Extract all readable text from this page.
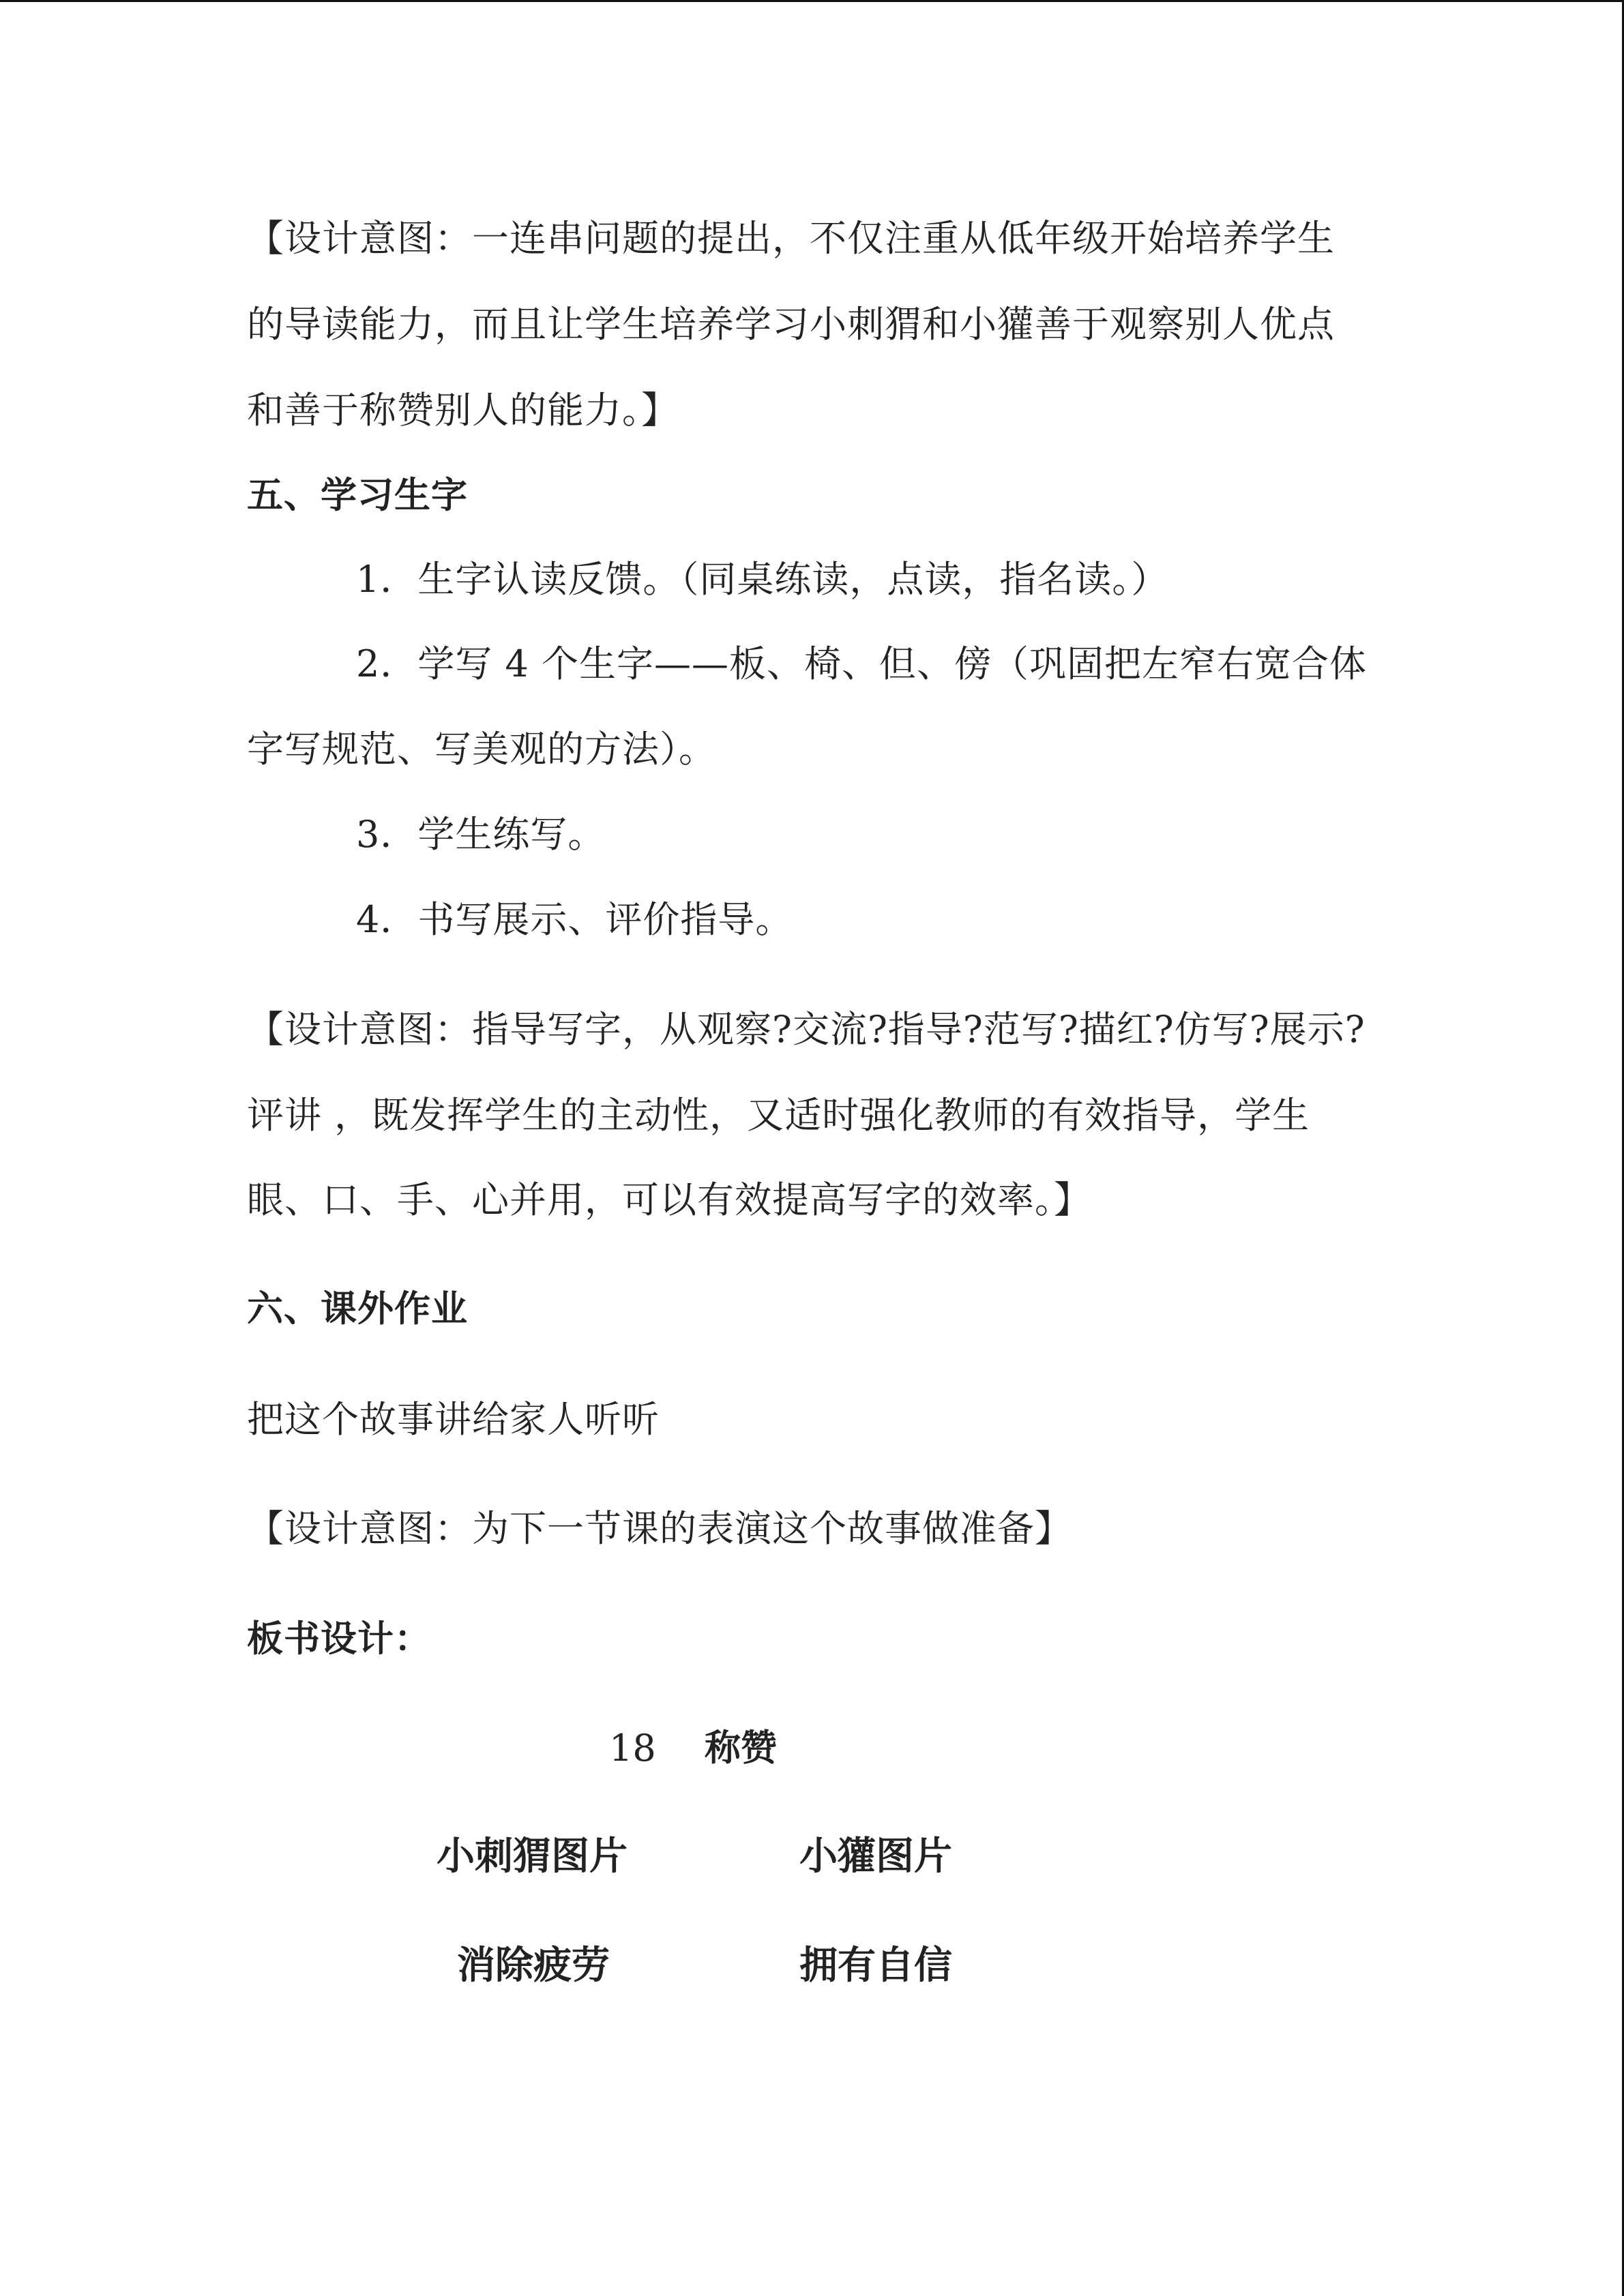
【设计意图：一连串问题的提出，不仅注重从低年级开始培养学生
的导读能力，而且让学生培养学习小刺猬和小獾善于观察别人优点
和善于称赞别人的能力。】
五、学习生字
1．生字认读反馈。（同桌练读，点读，指名读。）
2．学写 4 个生字——板、椅、但、傍（巩固把左窄右宽合体
字写规范、写美观的方法）。
3．学生练写。
4．书写展示、评价指导。
【设计意图：指导写字，从观察?交流?指导?范写?描红?仿写?展示?
评讲 ，既发挥学生的主动性，又适时强化教师的有效指导，学生
眼、口、手、心并用，可以有效提高写字的效率。】
六、课外作业
把这个故事讲给家人听听
【设计意图：为下一节课的表演这个故事做准备】
板书设计：
18 称赞
小刺猬图片	小獾图片
消除疲劳	拥有自信
